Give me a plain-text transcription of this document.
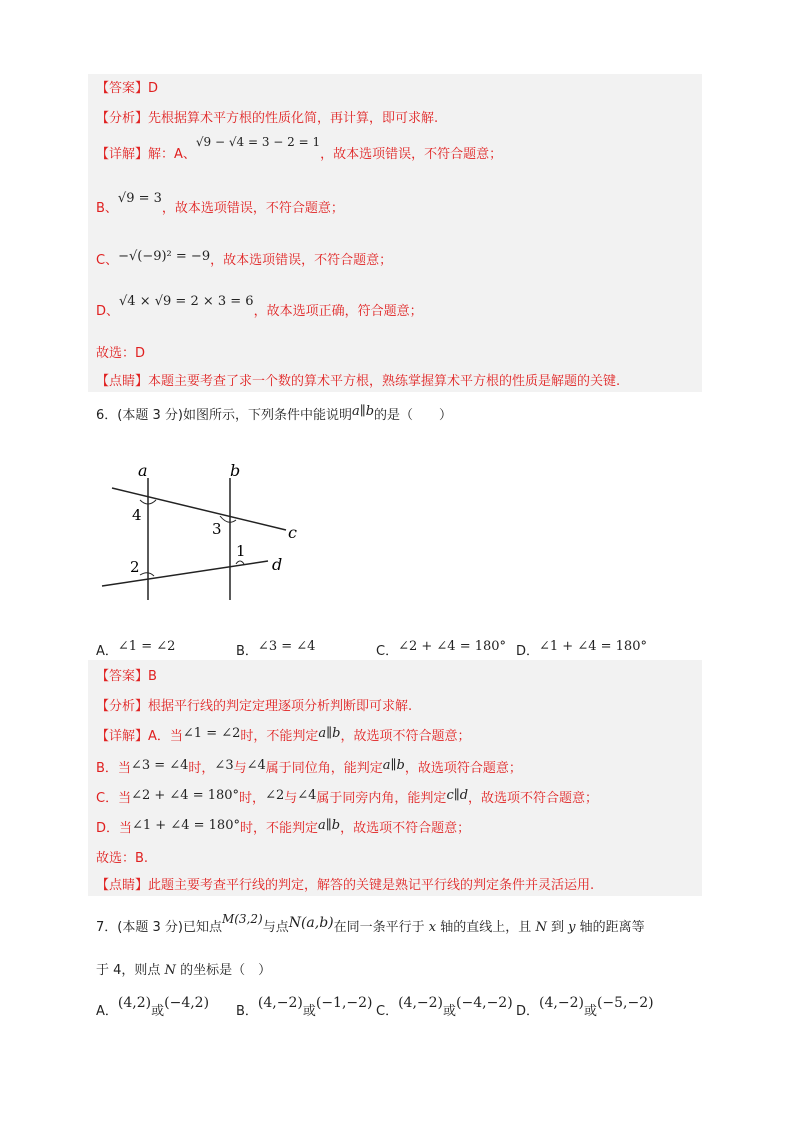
【答案】D
【分析】先根据算术平方根的性质化简，再计算，即可求解.
【详解】解：A、√9 − √4 = 3 − 2 = 1，故本选项错误，不符合题意；
B、√9 = 3，故本选项错误，不符合题意；
C、−√(−9)² = −9，故本选项错误，不符合题意；
D、√4 × √9 = 2 × 3 = 6，故本选项正确，符合题意；
故选：D
【点睛】本题主要考查了求一个数的算术平方根，熟练掌握算术平方根的性质是解题的关键.
6．(本题 3 分)如图所示，下列条件中能说明a∥b的是（　　）
a	b
c
d
4
3
2
1
A．∠1 = ∠2	B．∠3 = ∠4	C．∠2 + ∠4 = 180° D．∠1 + ∠4 = 180°
【答案】B
【分析】根据平行线的判定定理逐项分析判断即可求解.
【详解】A．当∠1 = ∠2时，不能判定a∥b，故选项不符合题意；
B．当∠3 = ∠4时，∠3与∠4属于同位角，能判定a∥b，故选项符合题意；
C．当∠2 + ∠4 = 180°时，∠2与∠4属于同旁内角，能判定c∥d，故选项不符合题意；
D．当∠1 + ∠4 = 180°时，不能判定a∥b，故选项不符合题意；
故选：B.
【点睛】此题主要考查平行线的判定，解答的关键是熟记平行线的判定条件并灵活运用.
7．(本题 3 分)已知点M(3,2)与点N(a,b)在同一条平行于 x 轴的直线上，且 N 到 y 轴的距离等
于 4，则点 N 的坐标是（　）
A．(4,2)或(−4,2)
B．(4,−2)或(−1,−2)
C．(4,−2)或(−4,−2)
D．(4,−2)或(−5,−2)
